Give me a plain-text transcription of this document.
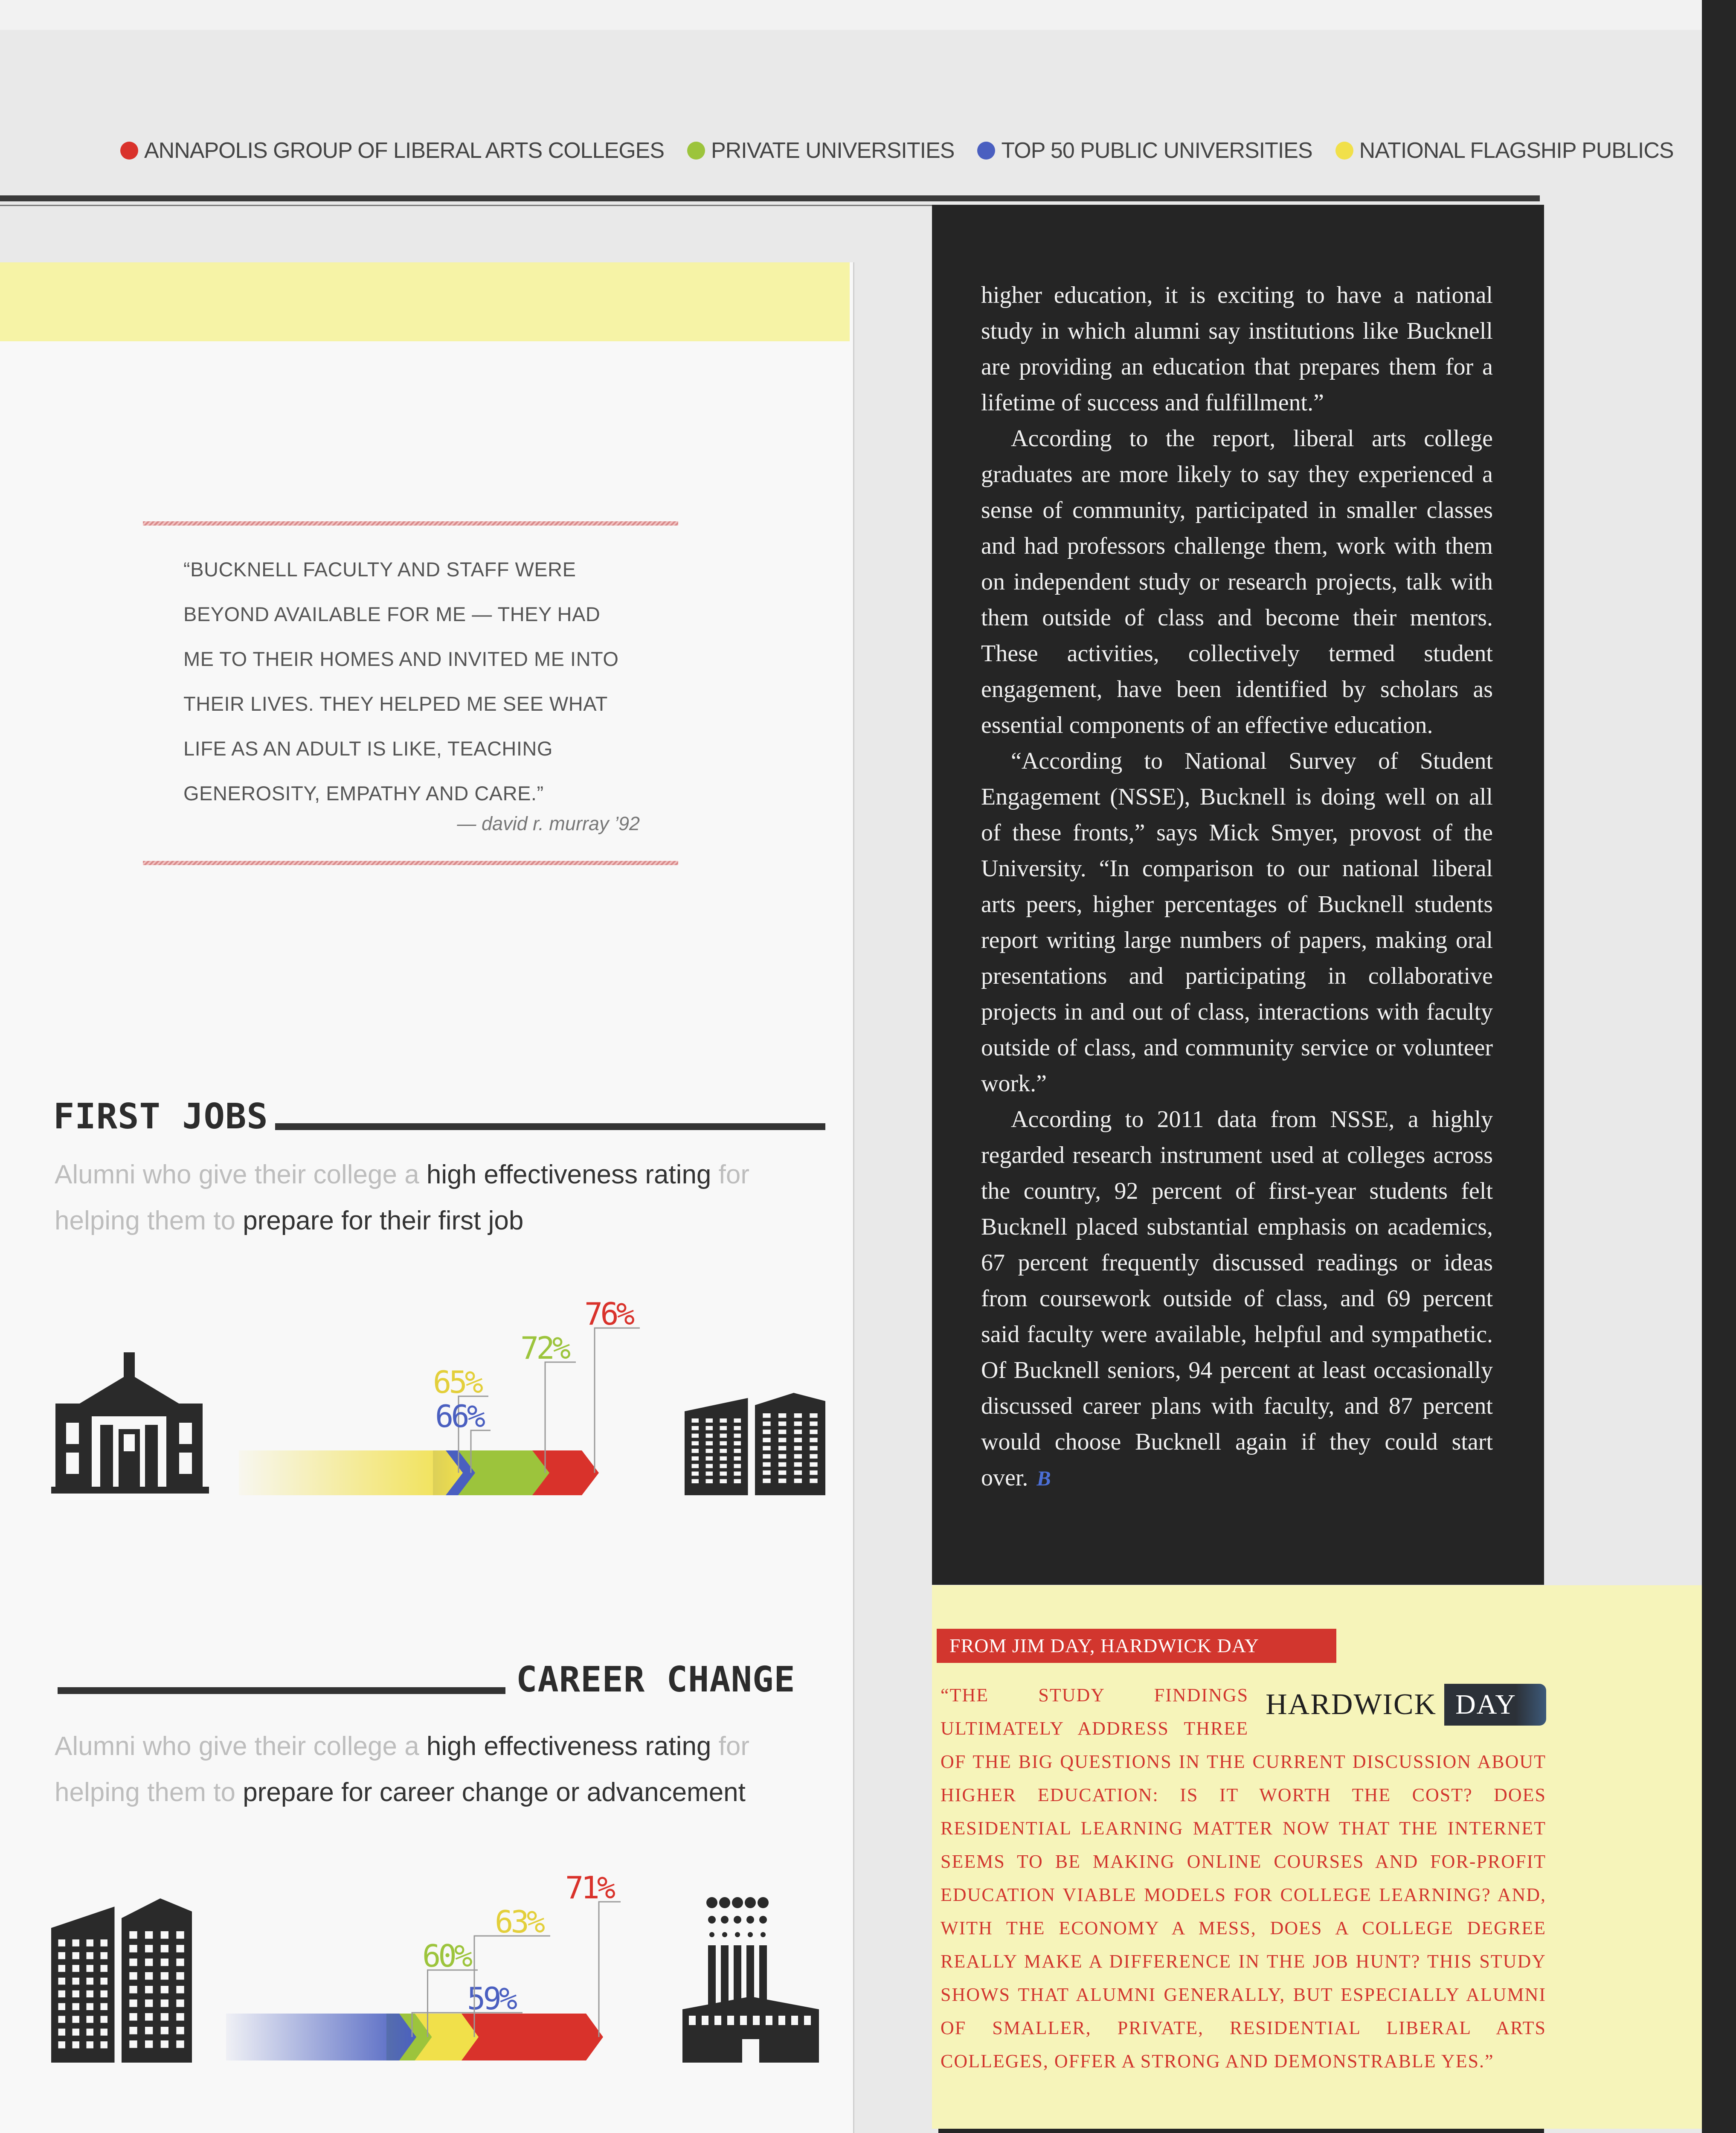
ANNAPOLIS GROUP OF LIBERAL ARTS COLLEGES PRIVATE UNIVERSITIES TOP 50 PUBLIC UNIVERSITIES NATIONAL FLAGSHIP PUBLICS
“BUCKNELL FACULTY AND STAFF WERE
BEYOND AVAILABLE FOR ME — THEY HAD
ME TO THEIR HOMES AND INVITED ME INTO
THEIR LIVES. THEY HELPED ME SEE WHAT
LIFE AS AN ADULT IS LIKE, TEACHING
GENEROSITY, EMPATHY AND CARE.”
— david r. murray ’92
FIRST JOBS
Alumni who give their college a high effectiveness rating for
helping them to prepare for their first job
65%
66%
72%
76%
CAREER CHANGE
Alumni who give their college a high effectiveness rating for
helping them to prepare for career change or advancement
59%
60%
63%
71%

higher education, it is exciting to have a national study in which alumni say institutions like Bucknell are providing an education that prepares them for a lifetime of success and fulfillment.”

According to the report, liberal arts college graduates are more likely to say they experienced a sense of community, participated in smaller classes and had professors challenge them, work with them on independent study or research projects, talk with them outside of class and become their mentors. These activities, collectively termed student engagement, have been identified by scholars as essential components of an effective education.

“According to National Survey of Student Engagement (NSSE), Bucknell is doing well on all of these fronts,” says Mick Smyer, provost of the University. “In comparison to our national liberal arts peers, higher percentages of Bucknell students report writing large numbers of papers, making oral presentations and participating in collaborative projects in and out of class, interactions with faculty outside of class, and community service or volunteer work.”

According to 2011 data from NSSE, a highly regarded research instrument used at colleges across the country, 92 percent of first-year students felt Bucknell placed substantial emphasis on academics, 67 percent frequently discussed readings or ideas from coursework outside of class, and 69 percent said faculty were available, helpful and sympathetic. Of Bucknell seniors, 94 percent at least occasionally discussed career plans with faculty, and 87 percent would choose Bucknell again if they could start over. B

FROM JIM DAY, HARDWICK DAY
HARDWICK DAY
“THE STUDY FINDINGS ULTIMATELY ADDRESS THREE OF THE BIG QUESTIONS IN THE CURRENT DISCUSSION ABOUT HIGHER EDUCATION: IS IT WORTH THE COST? DOES RESIDENTIAL LEARNING MATTER NOW THAT THE INTERNET SEEMS TO BE MAKING ONLINE COURSES AND FOR-PROFIT EDUCATION VIABLE MODELS FOR COLLEGE LEARNING? AND, WITH THE ECONOMY A MESS, DOES A COLLEGE DEGREE REALLY MAKE A DIFFERENCE IN THE JOB HUNT? THIS STUDY SHOWS THAT ALUMNI GENERALLY, BUT ESPECIALLY ALUMNI OF SMALLER, PRIVATE, RESIDENTIAL LIBERAL ARTS COLLEGES, OFFER A STRONG AND DEMONSTRABLE YES.”
